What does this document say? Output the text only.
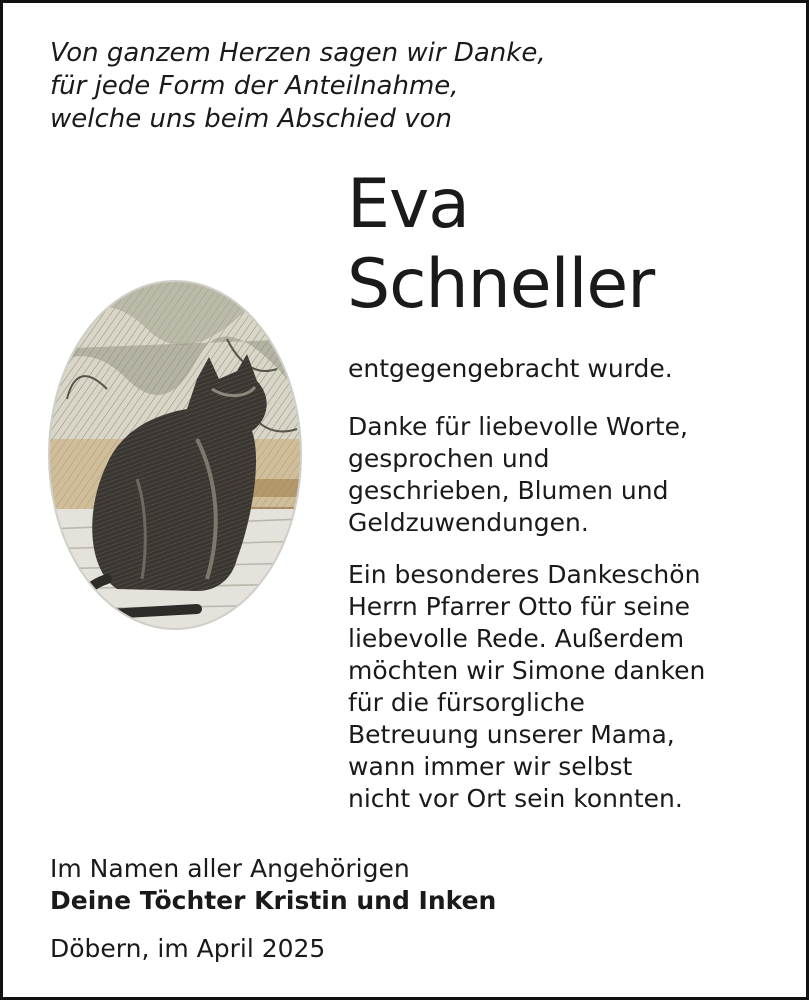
Von ganzem Herzen sagen wir Danke,
für jede Form der Anteilnahme,
welche uns beim Abschied von
Eva
Schneller
entgegengebracht wurde.
Danke für liebevolle Worte,
gesprochen und
geschrieben, Blumen und
Geldzuwendungen.
Ein besonderes Dankeschön
Herrn Pfarrer Otto für seine
liebevolle Rede. Außerdem
möchten wir Simone danken
für die fürsorgliche
Betreuung unserer Mama,
wann immer wir selbst
nicht vor Ort sein konnten.
Im Namen aller Angehörigen
Deine Töchter Kristin und Inken
Döbern, im April 2025
